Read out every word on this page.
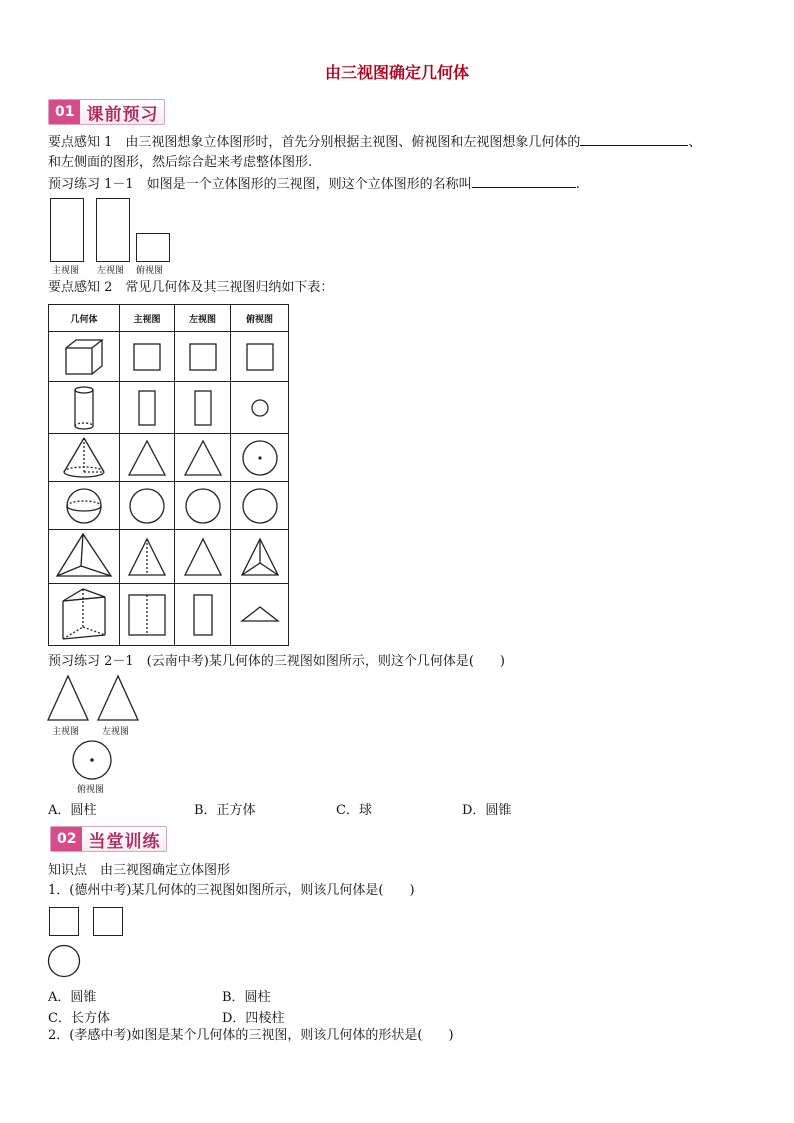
由三视图确定几何体
01 课前预习
要点感知 1　由三视图想象立体图形时，首先分别根据主视图、俯视图和左视图想象几何体的	、
和左侧面的图形，然后综合起来考虑整体图形.
预习练习 1－1　如图是一个立体图形的三视图，则这个立体图形的名称叫	.
主视图 左视图 俯视图
要点感知 2　常见几何体及其三视图归纳如下表：
几何体	主视图	左视图	俯视图

预习练习 2－1　(云南中考)某几何体的三视图如图所示，则这个几何体是(　　)
主视图	左视图
俯视图
A．圆柱	B．正方体	C．球	D．圆锥
02 当堂训练
知识点　由三视图确定立体图形
1．(德州中考)某几何体的三视图如图所示，则该几何体是(　　)
A．圆锥	B．圆柱
C．长方体	D．四棱柱
2．(孝感中考)如图是某个几何体的三视图，则该几何体的形状是(　　)
